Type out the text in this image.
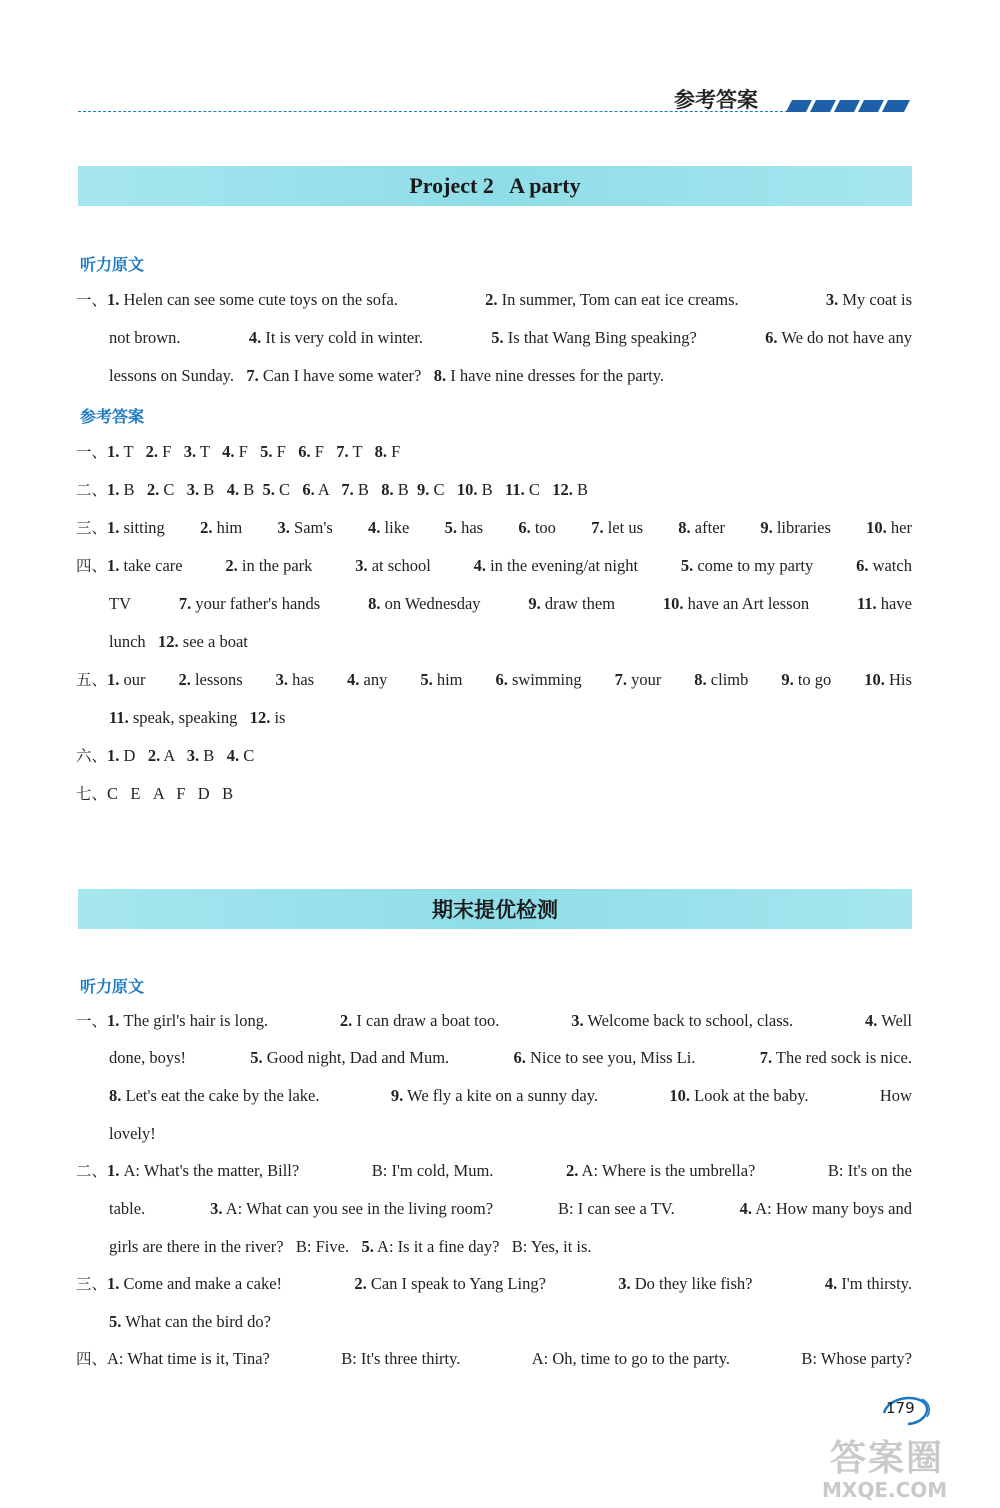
参考答案
Project 2   A party
听力原文
一、1. Helen can see some cute toys on the sofa.	2. In summer, Tom can eat ice creams.	3. My coat is
not brown.	4. It is very cold in winter.	5. Is that Wang Bing speaking?	6. We do not have any
lessons on Sunday.   7. Can I have some water?   8. I have nine dresses for the party.
参考答案
一、1. T   2. F   3. T   4. F   5. F   6. F   7. T   8. F
二、1. B   2. C   3. B   4. B  5. C   6. A   7. B   8. B  9. C   10. B   11. C   12. B
三、1. sitting 2. him 3. Sam's 4. like 5. has 6. too 7. let us 8. after 9. libraries 10. her
四、1. take care	2. in the park	3. at school	4. in the evening/at night	5. come to my party	6. watch
TV	7. your father's hands	8. on Wednesday	9. draw them	10. have an Art lesson	11. have
lunch   12. see a boat
五、1. our 2. lessons 3. has 4. any 5. him 6. swimming 7. your 8. climb 9. to go 10. His
11. speak, speaking   12. is
六、1. D   2. A   3. B   4. C
七、C   E   A   F   D   B
期末提优检测
听力原文
一、1. The girl's hair is long.	2. I can draw a boat too.	3. Welcome back to school, class.	4. Well
done, boys!	5. Good night, Dad and Mum.	6. Nice to see you, Miss Li.	7. The red sock is nice.
8. Let's eat the cake by the lake.	9. We fly a kite on a sunny day.	10. Look at the baby.	How
lovely!
二、1. A: What's the matter, Bill?	B: I'm cold, Mum.	2. A: Where is the umbrella?	B: It's on the
table.	3. A: What can you see in the living room?	B: I can see a TV.	4. A: How many boys and
girls are there in the river?   B: Five.   5. A: Is it a fine day?   B: Yes, it is.
三、1. Come and make a cake!	2. Can I speak to Yang Ling?	3. Do they like fish?	4. I'm thirsty.
5. What can the bird do?
四、A: What time is it, Tina?	B: It's three thirty.	A: Oh, time to go to the party.	B: Whose party?
179
答案圈
MXQE.COM
